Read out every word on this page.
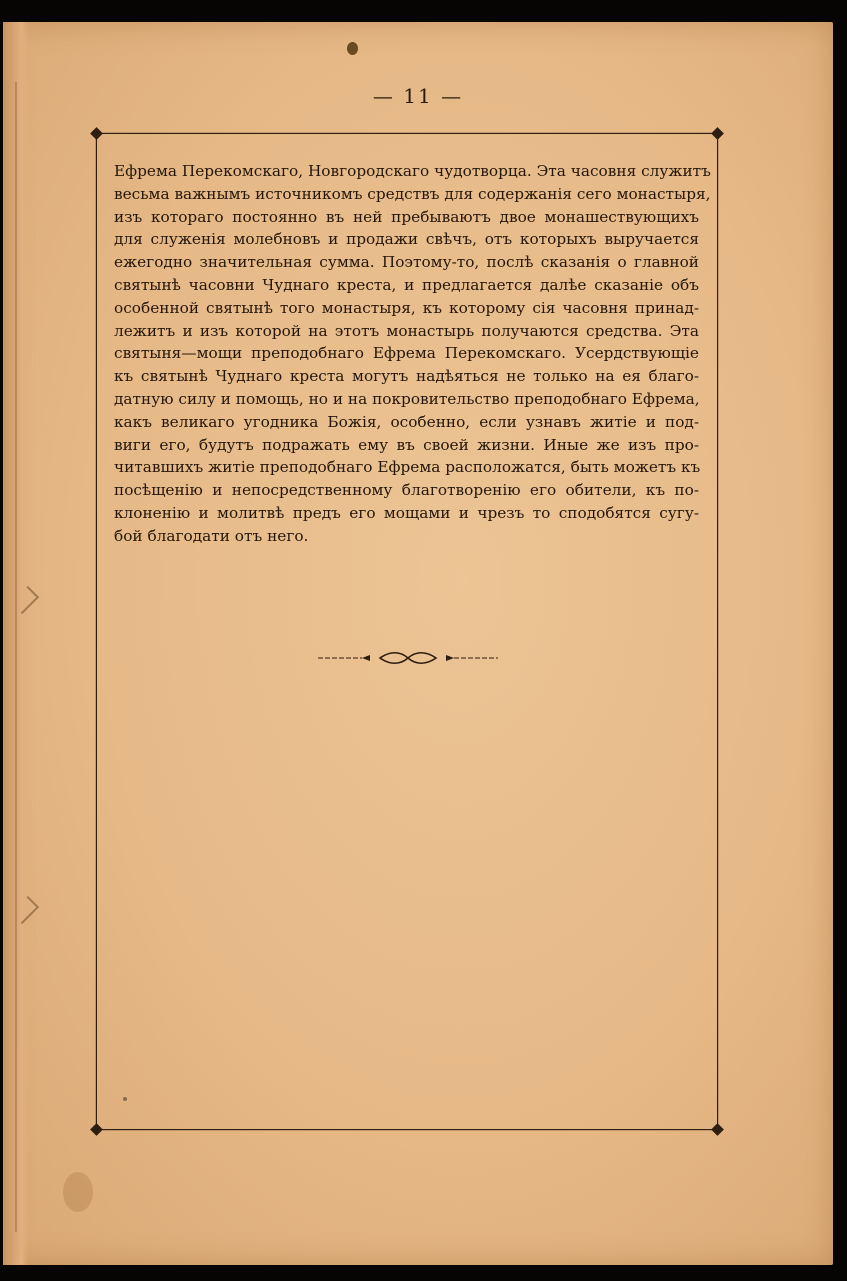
— 11 —
Ефрема Перекомскаго, Новгородскаго чудотворца. Эта часовня служитъ
весьма важнымъ источникомъ средствъ для содержанія сего монастыря,
изъ котораго постоянно въ ней пребываютъ двое монашествующихъ
для служенія молебновъ и продажи свѣчъ, отъ которыхъ выручается
ежегодно значительная сумма. Поэтому-то, послѣ сказанія о главной
святынѣ часовни Чуднаго креста, и предлагается далѣе сказаніе объ
особенной святынѣ того монастыря, къ которому сія часовня принад-
лежитъ и изъ которой на этотъ монастырь получаются средства. Эта
святыня—мощи преподобнаго Ефрема Перекомскаго. Усердствующіе
къ святынѣ Чуднаго креста могутъ надѣяться не только на ея благо-
датную силу и помощь, но и на покровительство преподобнаго Ефрема,
какъ великаго угодника Божія, особенно, если узнавъ житіе и под-
виги его, будутъ подражать ему въ своей жизни. Иные же изъ про-
читавшихъ житіе преподобнаго Ефрема расположатся, быть можетъ къ
посѣщенію и непосредственному благотворенію его обители, къ по-
клоненію и молитвѣ предъ его мощами и чрезъ то сподобятся сугу-
бой благодати отъ него.
